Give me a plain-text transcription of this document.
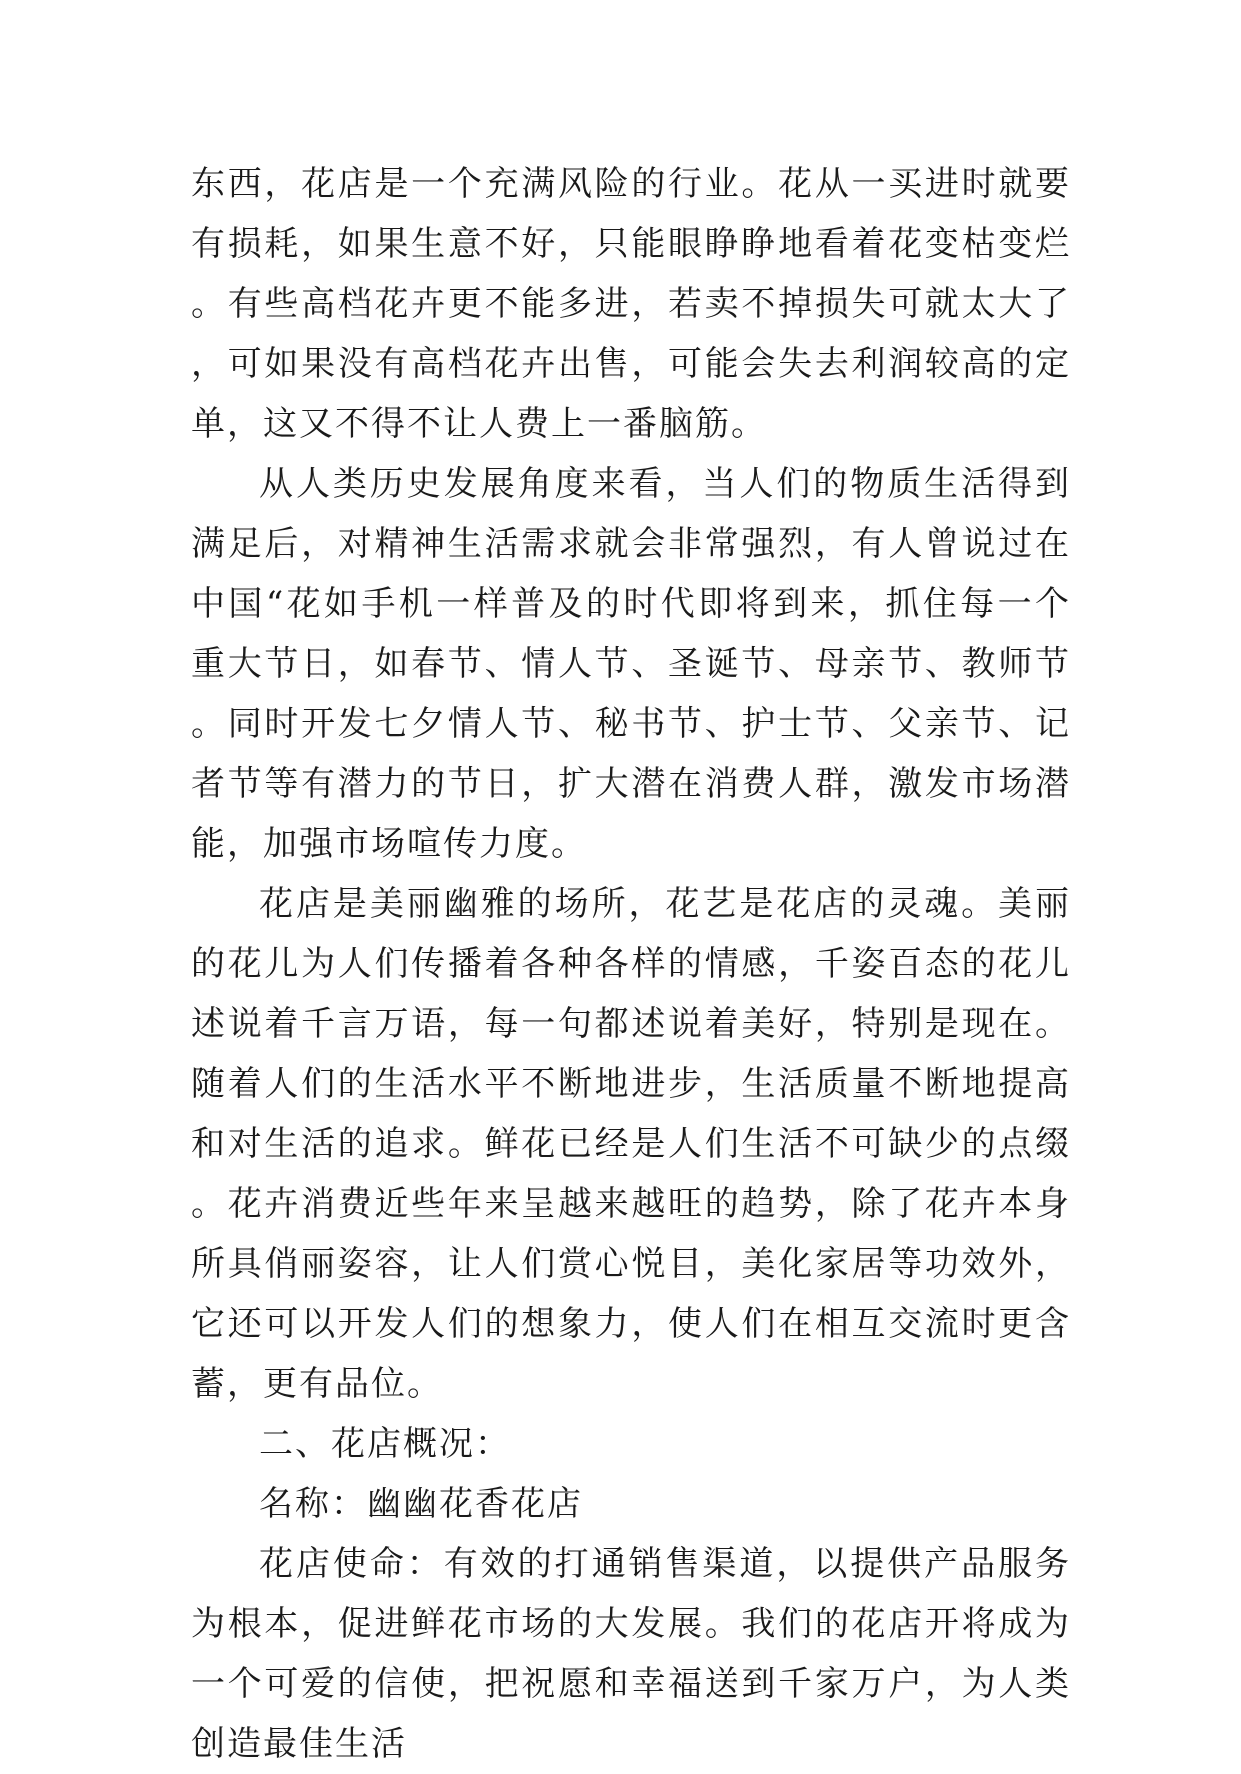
东西，花店是一个充满风险的行业。花从一买进时就要有损耗，如果生意不好，只能眼睁睁地看着花变枯变烂。有些高档花卉更不能多进，若卖不掉损失可就太大了，可如果没有高档花卉出售，可能会失去利润较高的定单，这又不得不让人费上一番脑筋。

从人类历史发展角度来看，当人们的物质生活得到满足后，对精神生活需求就会非常强烈，有人曾说过在中国“花如手机一样普及的时代即将到来，抓住每一个重大节日，如春节、情人节、圣诞节、母亲节、教师节。同时开发七夕情人节、秘书节、护士节、父亲节、记者节等有潜力的节日，扩大潜在消费人群，激发市场潜能，加强市场喧传力度。

花店是美丽幽雅的场所，花艺是花店的灵魂。美丽的花儿为人们传播着各种各样的情感，千姿百态的花儿述说着千言万语，每一句都述说着美好，特别是现在。随着人们的生活水平不断地进步，生活质量不断地提高和对生活的追求。鲜花已经是人们生活不可缺少的点缀。花卉消费近些年来呈越来越旺的趋势，除了花卉本身所具俏丽姿容，让人们赏心悦目，美化家居等功效外，它还可以开发人们的想象力，使人们在相互交流时更含蓄，更有品位。

二、花店概况：

名称：幽幽花香花店

花店使命：有效的打通销售渠道，以提供产品服务为根本，促进鲜花市场的大发展。我们的花店开将成为一个可爱的信使，把祝愿和幸福送到千家万户，为人类创造最佳生活
